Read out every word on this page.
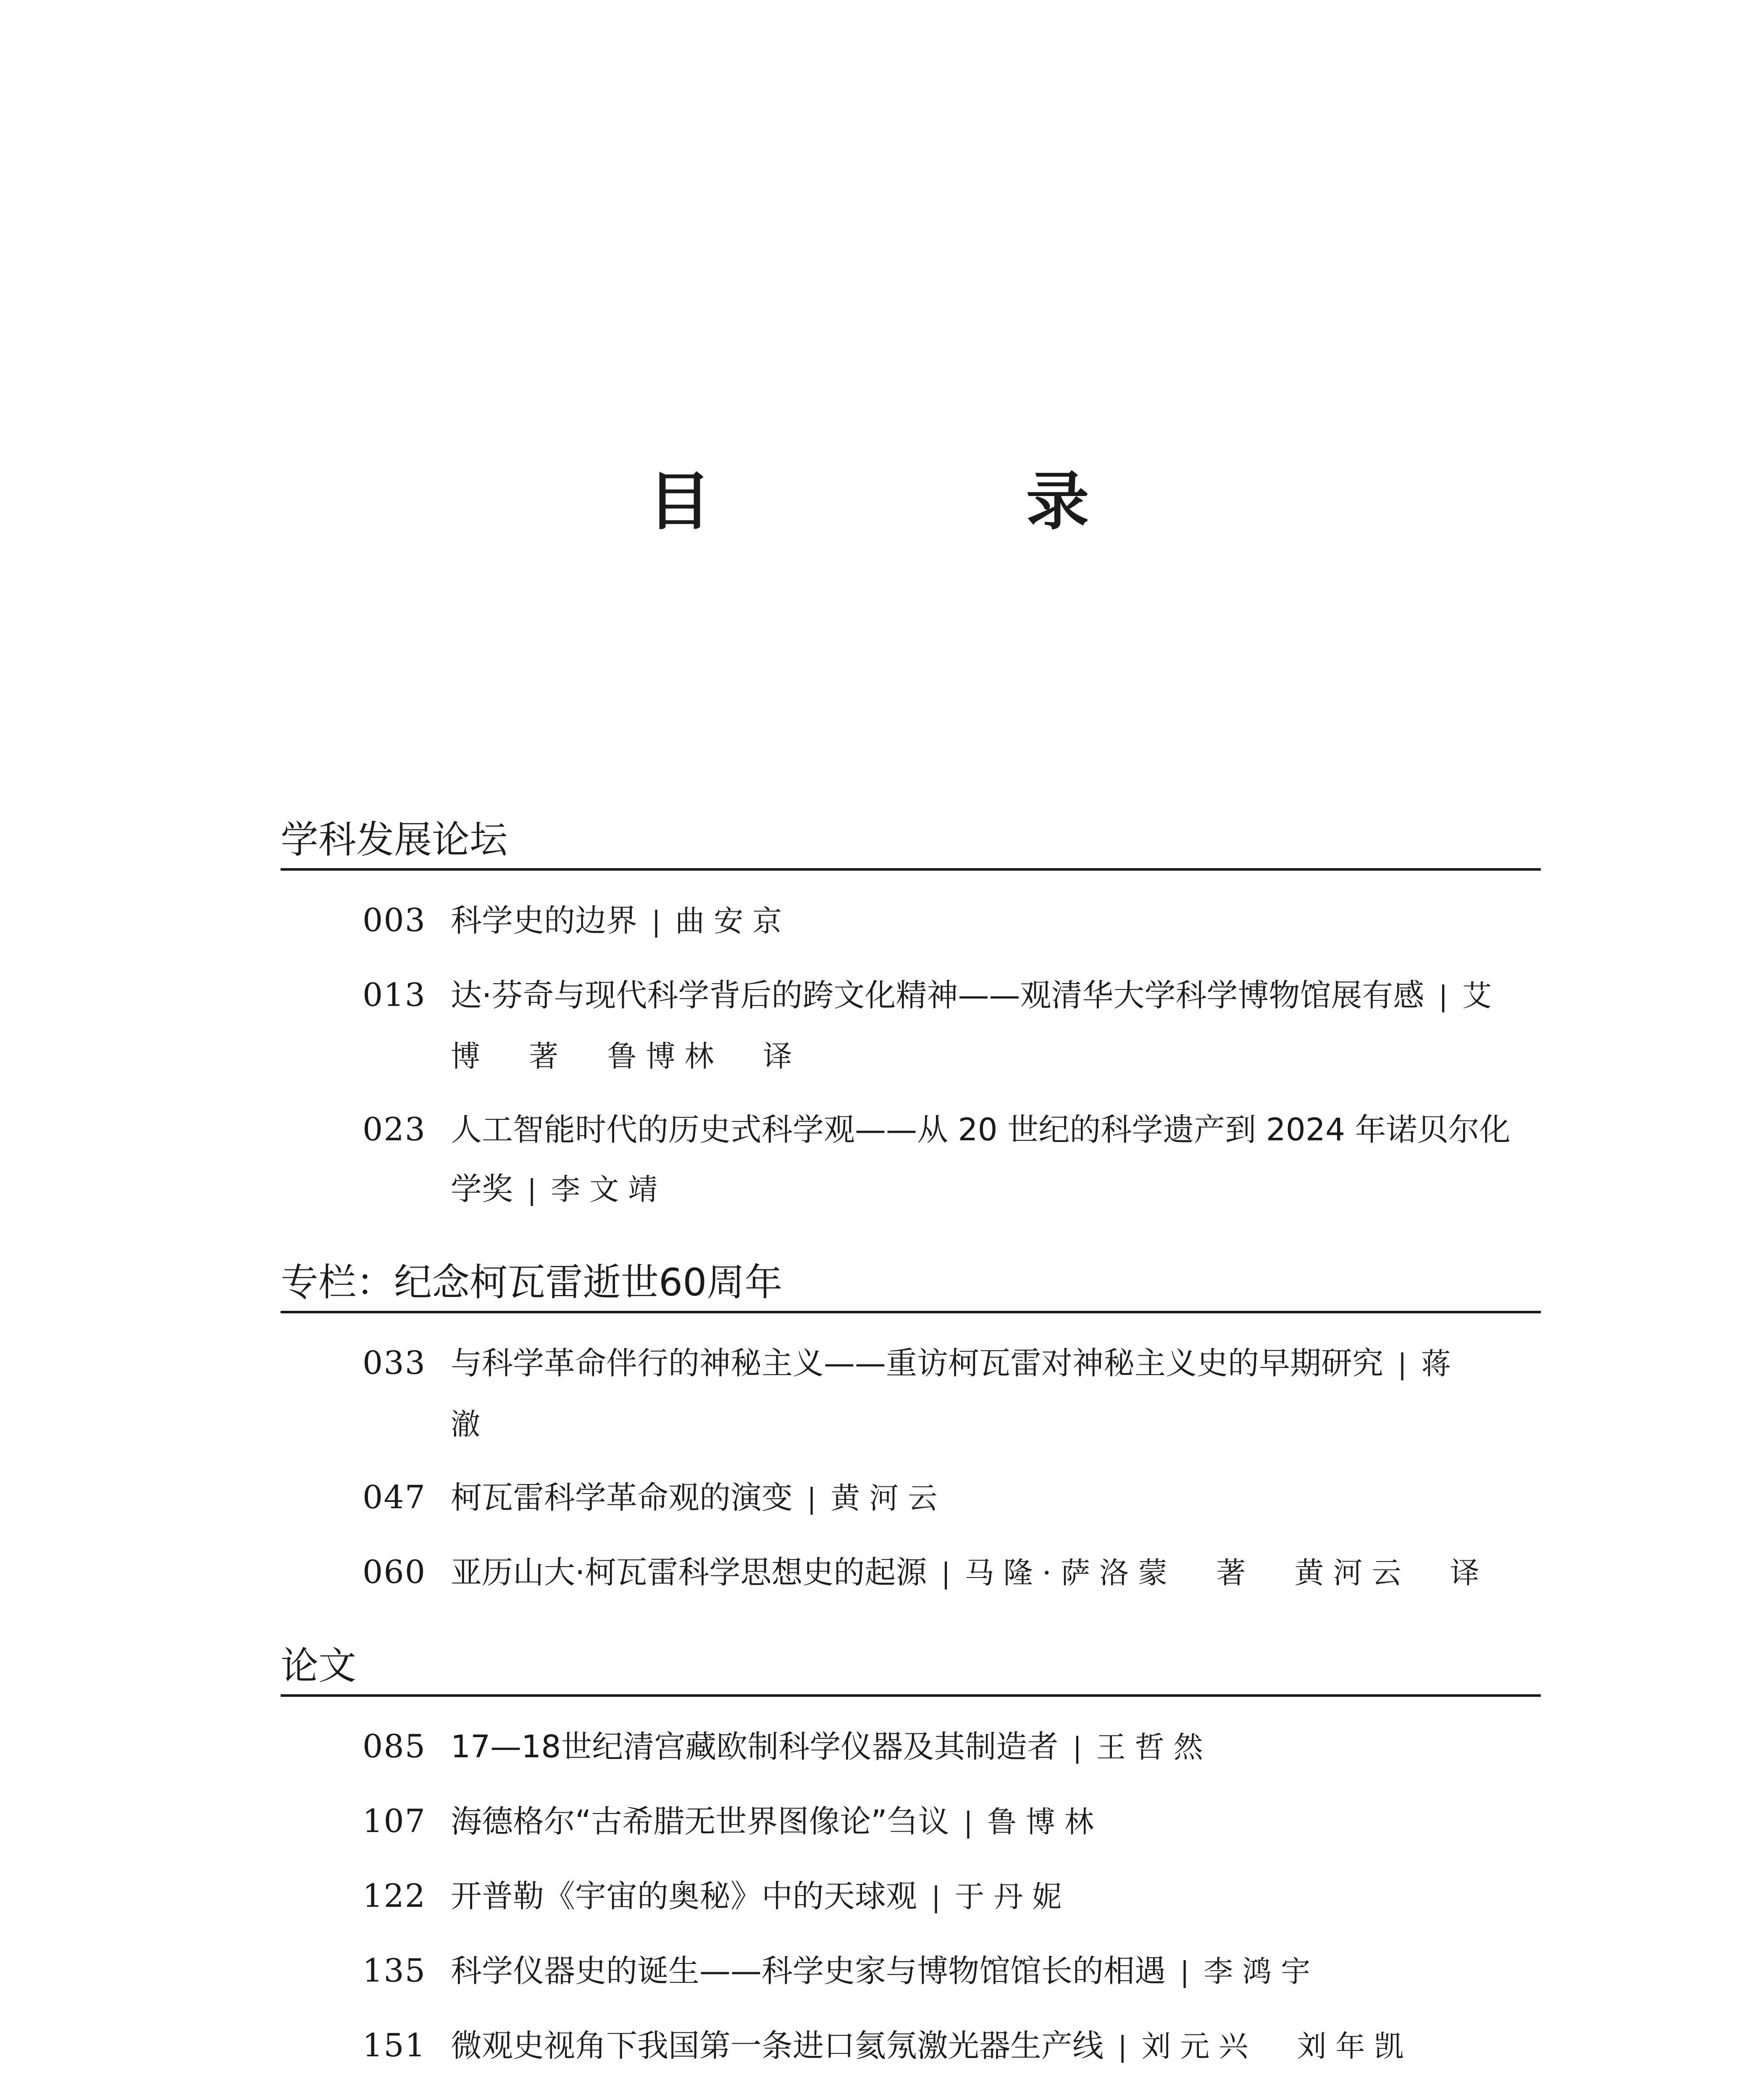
目　录
学科发展论坛
003 科学史的边界 | 曲安京
013 达·芬奇与现代科学背后的跨文化精神——观清华大学科学博物馆展有感 | 艾 博 著 鲁博林 译
023 人工智能时代的历史式科学观——从 20 世纪的科学遗产到 2024 年诺贝尔化学奖 | 李文靖
专栏：纪念柯瓦雷逝世60周年
033 与科学革命伴行的神秘主义——重访柯瓦雷对神秘主义史的早期研究 | 蒋 澈
047 柯瓦雷科学革命观的演变 | 黄河云
060 亚历山大·柯瓦雷科学思想史的起源 | 马隆·萨洛蒙 著 黄河云 译
论文
085 17—18世纪清宫藏欧制科学仪器及其制造者 | 王哲然
107 海德格尔“古希腊无世界图像论”刍议 | 鲁博林
122 开普勒《宇宙的奥秘》中的天球观 | 于丹妮
135 科学仪器史的诞生——科学史家与博物馆馆长的相遇 | 李鸿宇
151 微观史视角下我国第一条进口氦氖激光器生产线 | 刘元兴 刘年凯
